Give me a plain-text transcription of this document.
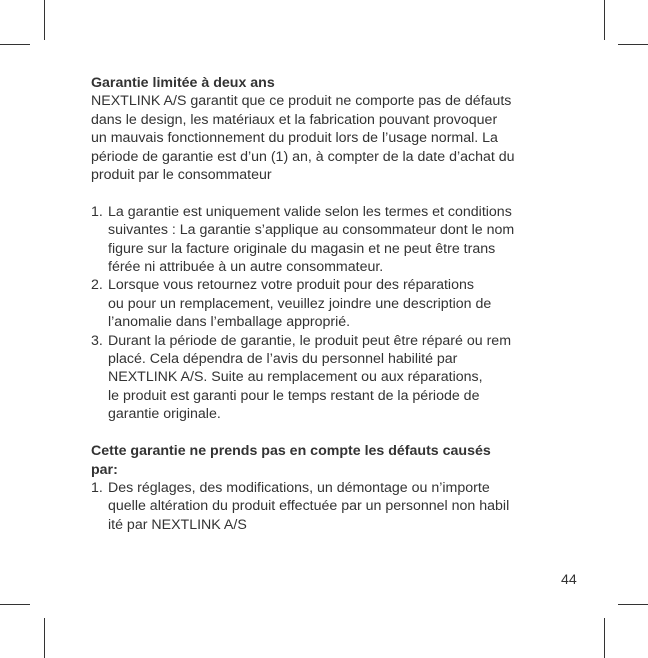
Garantie limitée à deux ans

NEXTLINK A/S garantit que ce produit ne comporte pas de défauts
dans le design, les matériaux et la fabrication pouvant provoquer
un mauvais fonctionnement du produit lors de l’usage normal. La
période de garantie est d’un (1) an, à compter de la date d’achat du
produit par le consommateur

1. La garantie est uniquement valide selon les termes et conditions
suivantes : La garantie s’applique au consommateur dont le nom
figure sur la facture originale du magasin et ne peut être trans
férée ni attribuée à un autre consommateur.
2. Lorsque vous retournez votre produit pour des réparations
ou pour un remplacement, veuillez joindre une description de
l’anomalie dans l’emballage approprié.
3. Durant la période de garantie, le produit peut être réparé ou rem
placé. Cela dépendra de l’avis du personnel habilité par
NEXTLINK A/S. Suite au remplacement ou aux réparations,
le produit est garanti pour le temps restant de la période de
garantie originale.

Cette garantie ne prends pas en compte les défauts causés
par:

1. Des réglages, des modifications, un démontage ou n’importe
quelle altération du produit effectuée par un personnel non habil
ité par NEXTLINK A/S
44
